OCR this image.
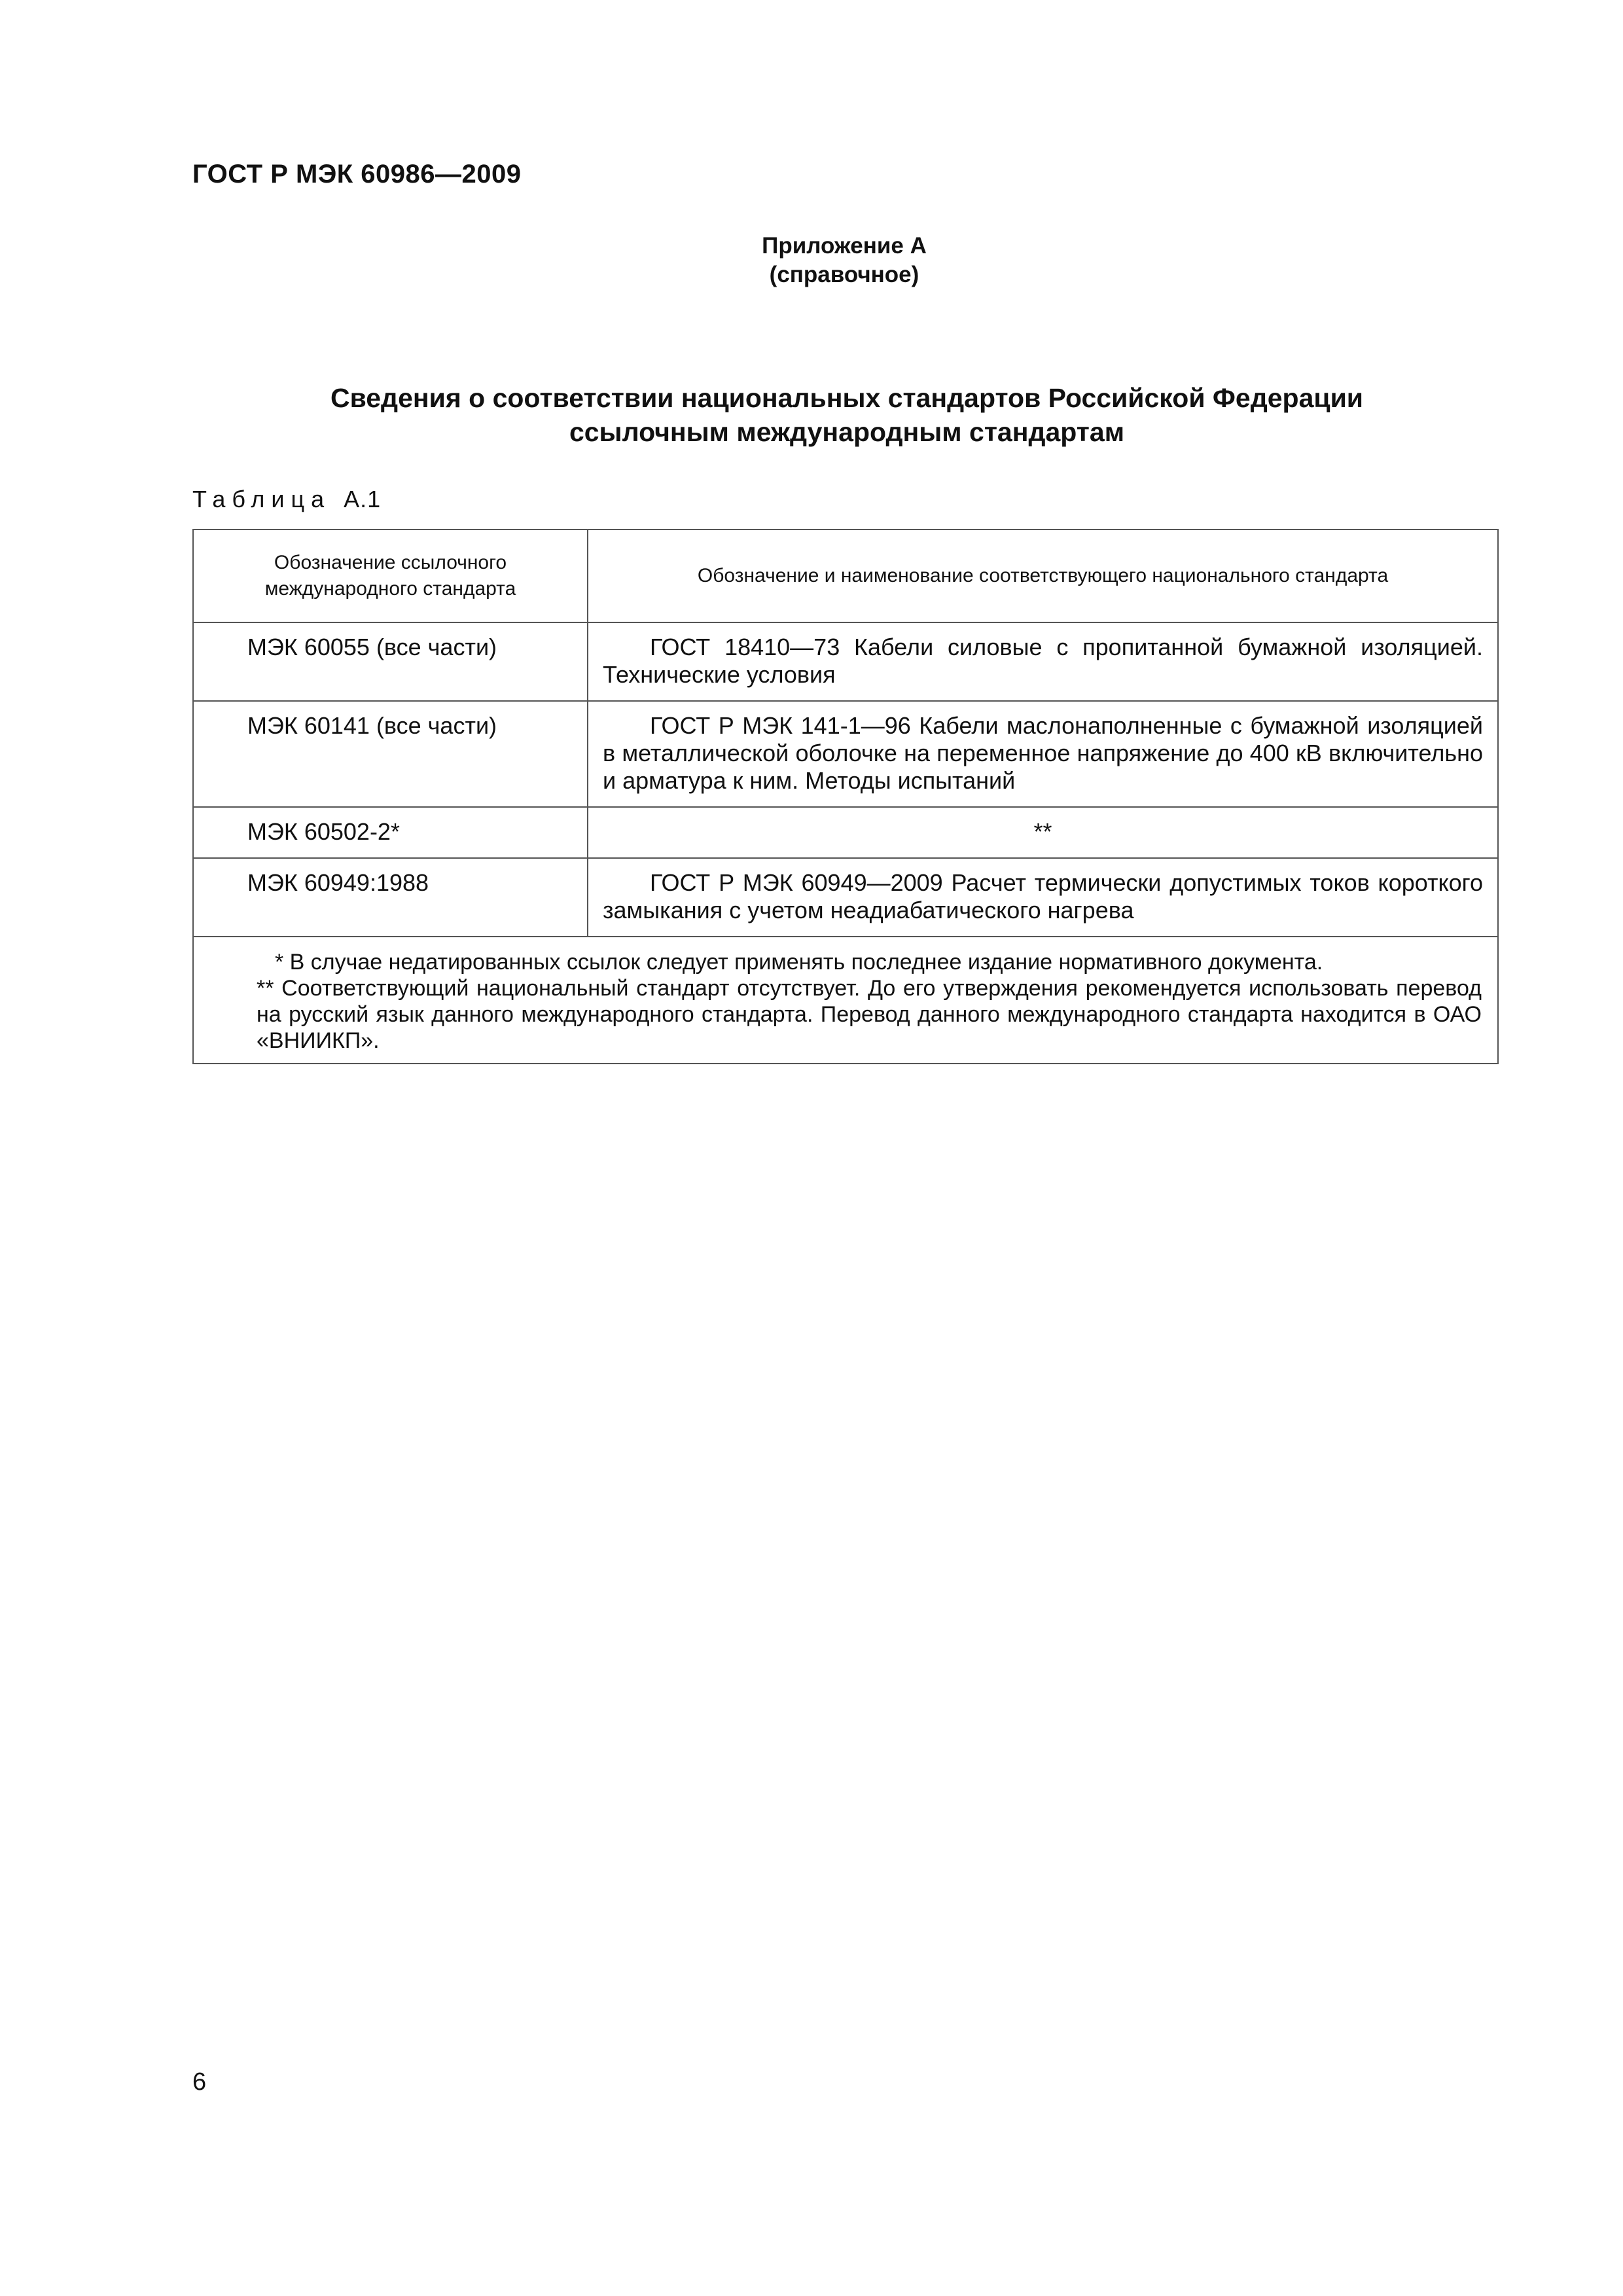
ГОСТ Р МЭК 60986—2009
Приложение А
(справочное)
Сведения о соответствии национальных стандартов Российской Федерации
ссылочным международным стандартам
Таблица А.1
Обозначение ссылочного международного стандарта	Обозначение и наименование соответствующего национального стандарта
МЭК 60055 (все части)	ГОСТ 18410—73 Кабели силовые с пропитанной бумажной изоляцией. Технические условия
МЭК 60141 (все части)	ГОСТ Р МЭК 141-1—96 Кабели маслонаполненные с бумажной изоляцией в металлической оболочке на переменное напряжение до 400 кВ включительно и арматура к ним. Методы испытаний
МЭК 60502-2*	**
МЭК 60949:1988	ГОСТ Р МЭК 60949—2009 Расчет термически допустимых токов короткого замыкания с учетом неадиабатического нагрева

* В случае недатированных ссылок следует применять последнее издание нормативного документа.
** Соответствующий национальный стандарт отсутствует. До его утверждения рекомендуется использовать перевод на русский язык данного международного стандарта. Перевод данного международного стандарта находится в ОАО «ВНИИКП».	
6
